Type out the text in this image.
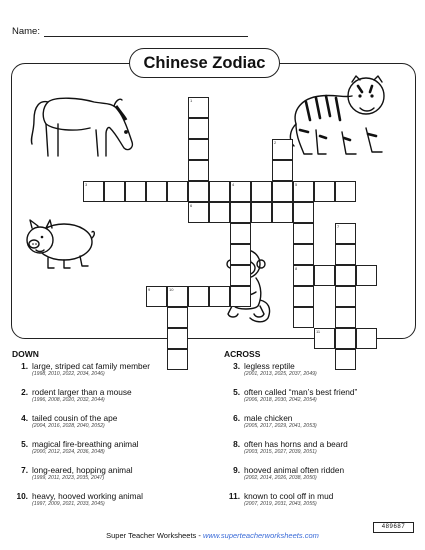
Name:
Chinese Zodiac
1
2
3	4	5
6
7
8
9	10
11
DOWN	ACROSS
1. large, striped cat family member
(1998, 2010, 2022, 2034, 2046)
2. rodent larger than a mouse
(1996, 2008, 2020, 2032, 2044)
4. tailed cousin of the ape
(2004, 2016, 2028, 2040, 2052)
5. magical fire-breathing animal
(2000, 2012, 2024, 2036, 2048)
7. long-eared, hopping animal
(1999, 2011, 2023, 2035, 2047)
10. heavy, hooved working animal
(1997, 2009, 2021, 2033, 2045)
3. legless reptile
(2001, 2013, 2025, 2037, 2049)
5. often called “man’s best friend”
(2006, 2018, 2030, 2042, 2054)
6. male chicken
(2005, 2017, 2029, 2041, 2053)
8. often has horns and a beard
(2003, 2015, 2027, 2039, 2051)
9. hooved animal often ridden
(2002, 2014, 2026, 2038, 2050)
11. known to cool off in mud
(2007, 2019, 2031, 2043, 2055)
489687
Super Teacher Worksheets - www.superteacherworksheets.com
